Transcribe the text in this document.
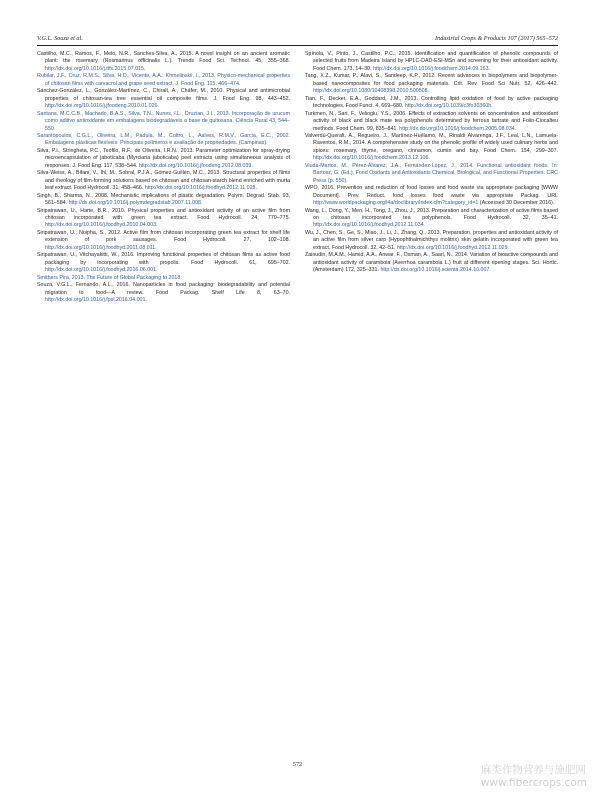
V.G.L. Souza et al.	Industrial Crops & Products 107 (2017) 565–572

Castilho, M.C., Ramos, F., Melo, N.R., Sanches-Silva, A., 2015. A novel insight on an ancient aromatic plant: the rosemary (Rosmarinus officinalis L.). Trends Food Sci. Technol. 45, 355–368. http://dx.doi.org/10.1016/j.tifs.2015.07.015.

Rubilar, J.F., Cruz, R.M.S., Silva, H.D., Vicente, A.A., Khmelinskii, I., 2013. Physico-mechanical properties of chitosan films with carvacrol and grape seed extract. J. Food Eng. 115, 466–474.

Sánchez-González, L., González-Martínez, C., Chiralt, A., Cháfer, M., 2010. Physical and antimicrobial properties of chitosan-tea tree essential oil composite films. J. Food Eng. 98, 443–452. http://dx.doi.org/10.1016/j.jfoodeng.2010.01.026.

Santana, M.C.C.B., Machado, B.A.S., Silva, T.N., Nunes, I.L., Druzian, J.I., 2013. Incorporação de urucum como aditivo antioxidante em embalagens biodegradáveis a base de quitosana. Ciência Rural 43, 544–550.

Sarantópoulos, C.G.L., Oliveira, L.M., Padula, M., Coltro, L., Aalves, R.M.V., Garcia, E.C., 2002. Embalagens plásticas flexíveis: Principais polímeros e avaliação de propriedades. (Campinas).

Silva, P.I., Stringheta, P.C., Teófilo, R.F., de Oliveira, I.R.N., 2013. Parameter optimization for spray-drying microencapsulation of jaboticaba (Myrciaria jaboticaba) peel extracts using simultaneous analysis of responses. J. Food Eng. 117, 538–544. http://dx.doi.org/10.1016/j.jfoodeng.2012.08.039.

Silva-Weiss, A., Bifani, V., Ihl, M., Sobral, P.J.A., Gómez-Guillén, M.C., 2013. Structural properties of films and rheology of film-forming solutions based on chitosan and chitosan-starch blend enriched with murta leaf extract. Food Hydrocoll. 31, 458–466. http://dx.doi.org/10.1016/j.foodhyd.2012.11.028.

Singh, B., Sharma, N., 2008. Mechanistic implications of plastic degradation. Polym. Degrad. Stab. 93, 561–584. http://dx.doi.org/10.1016/j.polymdegradstab.2007.11.008.

Siripatrawan, U., Harte, B.R., 2010. Physical properties and antioxidant activity of an active film from chitosan incorporated with green tea extract. Food Hydrocoll. 24, 770–775. http://dx.doi.org/10.1016/j.foodhyd.2010.04.003.

Siripatrawan, U., Noipha, S., 2012. Active film from chitosan incorporating green tea extract for shelf life extension of pork sausages. Food Hydrocoll. 27, 102–108. http://dx.doi.org/10.1016/j.foodhyd.2011.08.011.

Siripatrawan, U., Vitchayakitti, W., 2016. Improving functional properties of chitosan films as active food packaging by incorporating with propolis. Food Hydrocoll. 61, 695–702. http://dx.doi.org/10.1016/j.foodhyd.2016.06.001.

Smithers Pira, 2013. The Future of Global Packaging to 2018.

Souza, V.G.L., Fernando, A.L., 2016. Nanoparticles in food packaging: biodegradability and potential migration to food—A review. Food Packag. Shelf Life 8, 63–70. http://dx.doi.org/10.1016/j.fpsl.2016.04.001.

Spínola, V., Pinto, J., Castilho, P.C., 2015. Identification and quantification of phenolic compounds of selected fruits from Madeira Island by HPLC-DAD-ESI-MSn and screening for their antioxidant activity. Food Chem. 173, 14–30. http://dx.doi.org/10.1016/j.foodchem.2014.09.163.

Tang, X.Z., Kumar, P., Alavi, S., Sandeep, K.P., 2012. Recent advances in biopolymers and biopolymer-based nanocomposites for food packaging materials. Crit. Rev. Food Sci Nutr. 52, 426–442. http://dx.doi.org/10.1080/10408398.2010.500508.

Tian, F., Decker, E.A., Goddard, J.M., 2013. Controlling lipid oxidation of food by active packaging technologies. Food Funct. 4, 669–680. http://dx.doi.org/10.1039/c3fo30360h.

Turkmen, N., Sari, F., Velioglu, Y.S., 2006. Effects of extraction solvents on concentration and antioxidant activity of black and black mate tea polyphenols determined by ferrous tartrate and Folin-Ciocalteu methods. Food Chem. 99, 835–841. http://dx.doi.org/10.1016/j.foodchem.2005.08.034.

Valverdú-Queralt, A., Regueiro, J., Martínez-Huélamo, M., Rinaldi Alvarenga, J.F., Leal, L.N., Lamuela-Raventos, R.M., 2014. A comprehensive study on the phenolic profile of widely used culinary herbs and spices: rosemary, thyme, oregano, cinnamon, cumin and bay. Food Chem. 154, 299–307. http://dx.doi.org/10.1016/j.foodchem.2013.12.106.

Viuda-Martos, M., Pérez-Álvarez, J.A., Fernández-López, J., 2014. Functional antioxidant foods. In: Bartosz, G. (Ed.), Food Oxidants and Antioxidants Chemical, Biological, and Functional Properties. CRC Press (p. 550).

WPO, 2016. Prevention and reduction of food losses and food waste via appropriate packaging [WWW Document]. Prev. Reduct. food losses food waste via appropriate Packag. URL http://www.worldpackaging.org/i4a/doclibrary/index.cfm?category_id=1 (Accessed 30 December 2016).

Wang, L., Dong, Y., Men, H., Tong, J., Zhou, J., 2013. Preparation and characterization of active films based on chitosan incorporated tea polyphenols. Food Hydrocoll. 32, 35–41. http://dx.doi.org/10.1016/j.foodhyd.2012.11.034.

Wu, J., Chen, S., Ge, S., Miao, J., Li, J., Zhang, Q., 2013. Preparation, properties and antioxidant activity of an active film from silver carp (Hypophthalmichthys molitrix) skin gelatin incorporated with green tea extract. Food Hydrocoll. 32, 42–51. http://dx.doi.org/10.1016/j.foodhyd.2012.11.029.

Zainudin, M.A.M., Hamid, A.A., Anwar, F., Osman, A., Saari, N., 2014. Variation of bioactive compounds and antioxidant activity of carambola (Averrhoa carambola L.) fruit at different ripening stages. Sci. Hortic. (Amsterdam) 172, 325–331. http://dx.doi.org/10.1016/j.scienta.2014.10.007.

572	麻类作物营养与施肥网
www.fibercrops.com
